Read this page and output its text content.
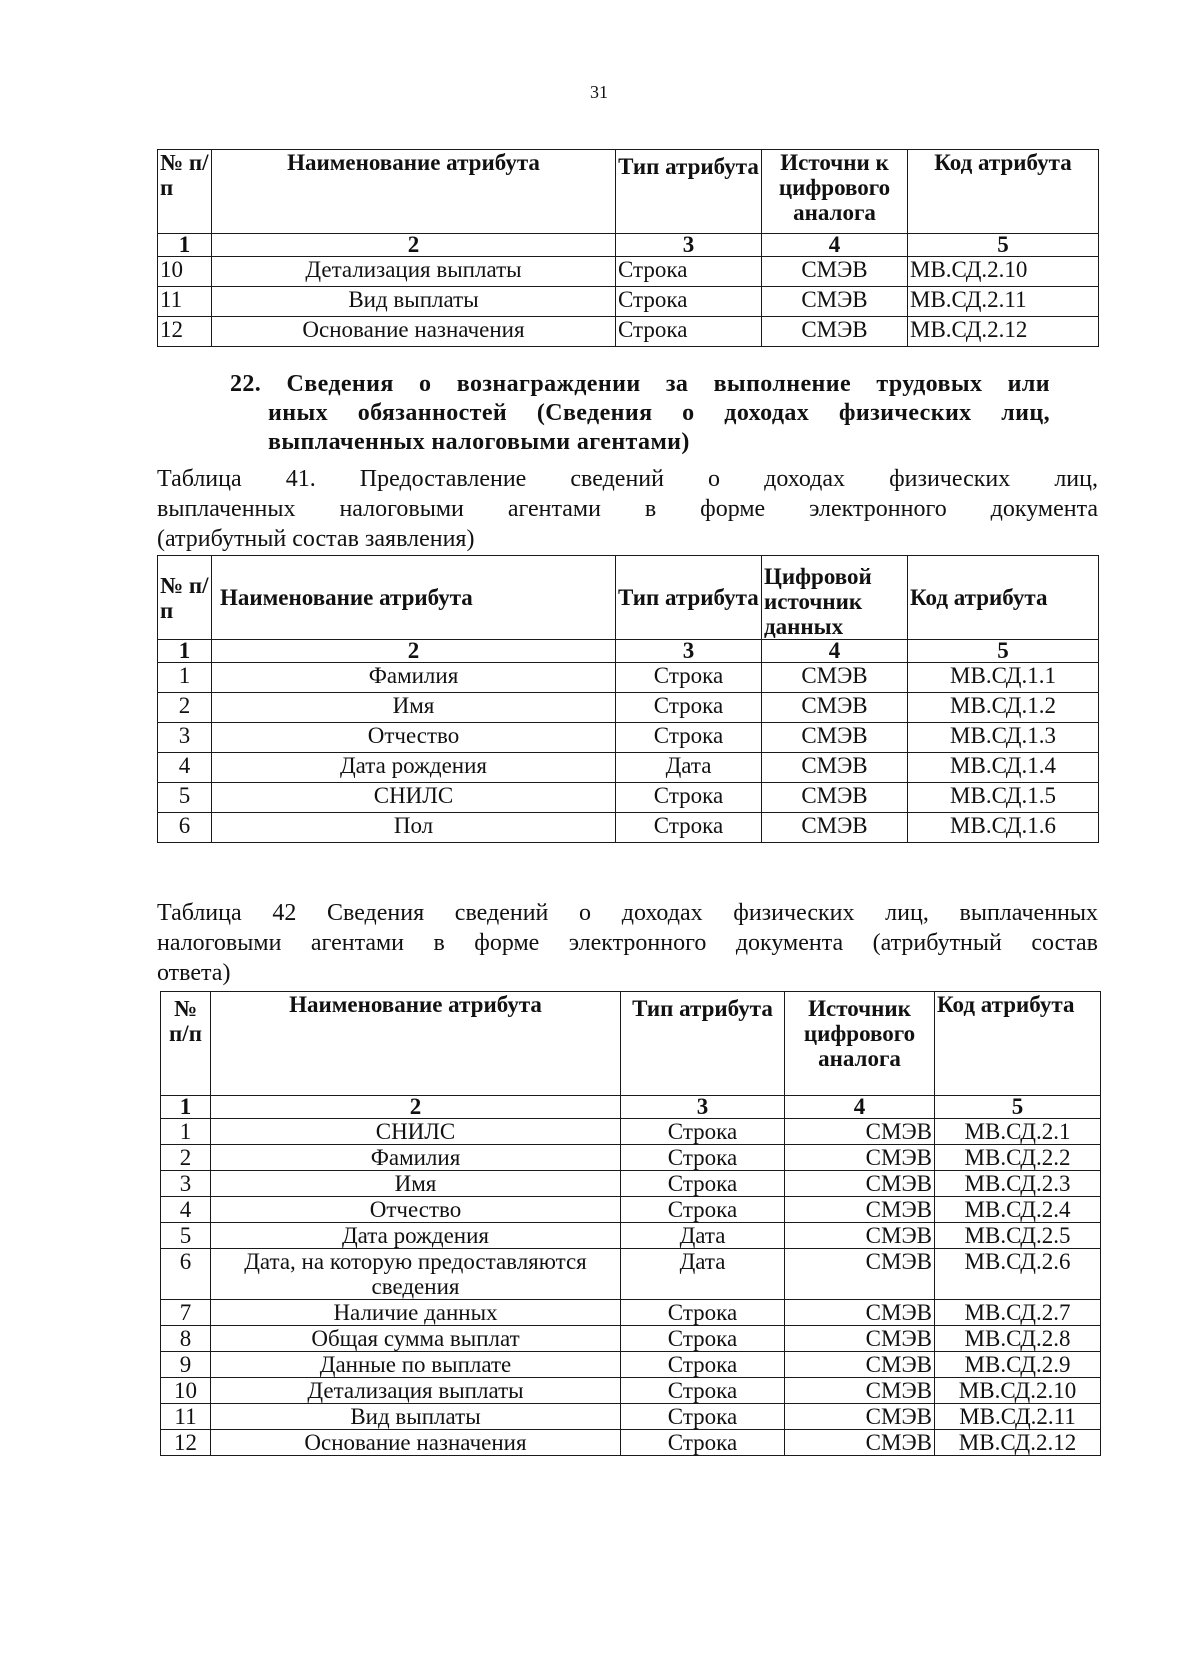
31
№ п/п	Наименование атрибута	Тип атрибута	Источни к цифрового аналога	Код атрибута
1	2	3	4	5
10	Детализация выплаты	Строка	СМЭВ	МВ.СД.2.10
11	Вид выплаты	Строка	СМЭВ	МВ.СД.2.11
12	Основание назначения	Строка	СМЭВ	МВ.СД.2.12
22. Сведения о вознаграждении за выполнение трудовых или
иных обязанностей (Сведения о доходах физических лиц,
выплаченных налоговыми агентами)
Таблица 41. Предоставление сведений о доходах физических лиц,
выплаченных налоговыми агентами в форме электронного документа
(атрибутный состав заявления)
№ п/п	Наименование атрибута	Тип атрибута	Цифровой источник данных	Код атрибута
1	2	3	4	5
1	Фамилия	Строка	СМЭВ	МВ.СД.1.1
2	Имя	Строка	СМЭВ	МВ.СД.1.2
3	Отчество	Строка	СМЭВ	МВ.СД.1.3
4	Дата рождения	Дата	СМЭВ	МВ.СД.1.4
5	СНИЛС	Строка	СМЭВ	МВ.СД.1.5
6	Пол	Строка	СМЭВ	МВ.СД.1.6
Таблица 42 Сведения сведений о доходах физических лиц, выплаченных
налоговыми агентами в форме электронного документа (атрибутный состав
ответа)
№ п/п	Наименование атрибута	Тип атрибута	Источник цифрового аналога	Код атрибута
1	2	3	4	5
1	СНИЛС	Строка	СМЭВ	МВ.СД.2.1
2	Фамилия	Строка	СМЭВ	МВ.СД.2.2
3	Имя	Строка	СМЭВ	МВ.СД.2.3
4	Отчество	Строка	СМЭВ	МВ.СД.2.4
5	Дата рождения	Дата	СМЭВ	МВ.СД.2.5
6	Дата, на которую предоставляются сведения	Дата	СМЭВ	МВ.СД.2.6
7	Наличие данных	Строка	СМЭВ	МВ.СД.2.7
8	Общая сумма выплат	Строка	СМЭВ	МВ.СД.2.8
9	Данные по выплате	Строка	СМЭВ	МВ.СД.2.9
10	Детализация выплаты	Строка	СМЭВ	МВ.СД.2.10
11	Вид выплаты	Строка	СМЭВ	МВ.СД.2.11
12	Основание назначения	Строка	СМЭВ	МВ.СД.2.12
